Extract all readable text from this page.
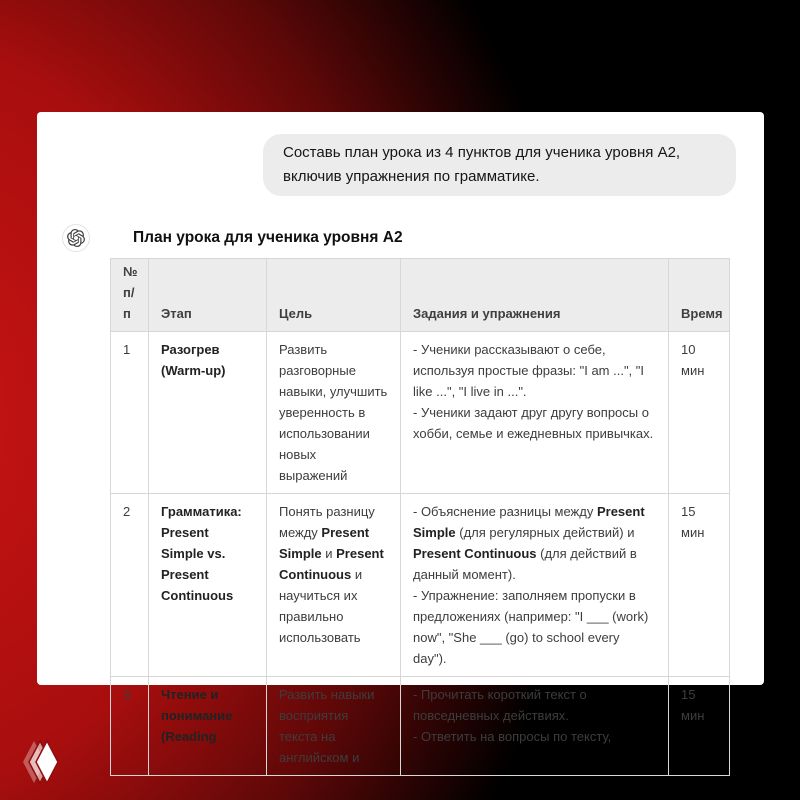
Составь план урока из 4 пунктов для ученика уровня A2, включив упражнения по грамматике.
План урока для ученика уровня A2
№ п/п	Этап	Цель	Задания и упражнения	Время
1	Разогрев (Warm-up)	Развить разговорные навыки, улучшить уверенность в использовании новых выражений	- Ученики рассказывают о себе, используя простые фразы: "I am ...", "I like ...", "I live in ...".
- Ученики задают друг другу вопросы о хобби, семье и ежедневных привычках.	10 мин
2	Грамматика: Present Simple vs. Present Continuous	Понять разницу между Present Simple и Present Continuous и научиться их правильно использовать	- Объяснение разницы между Present Simple (для регулярных действий) и Present Continuous (для действий в данный момент).
- Упражнение: заполняем пропуски в предложениях (например: "I ___ (work) now", "She ___ (go) to school every day").	15 мин
3	Чтение и понимание (Reading	Развить навыки восприятия текста на английском и	- Прочитать короткий текст о повседневных действиях.
- Ответить на вопросы по тексту,	15 мин
